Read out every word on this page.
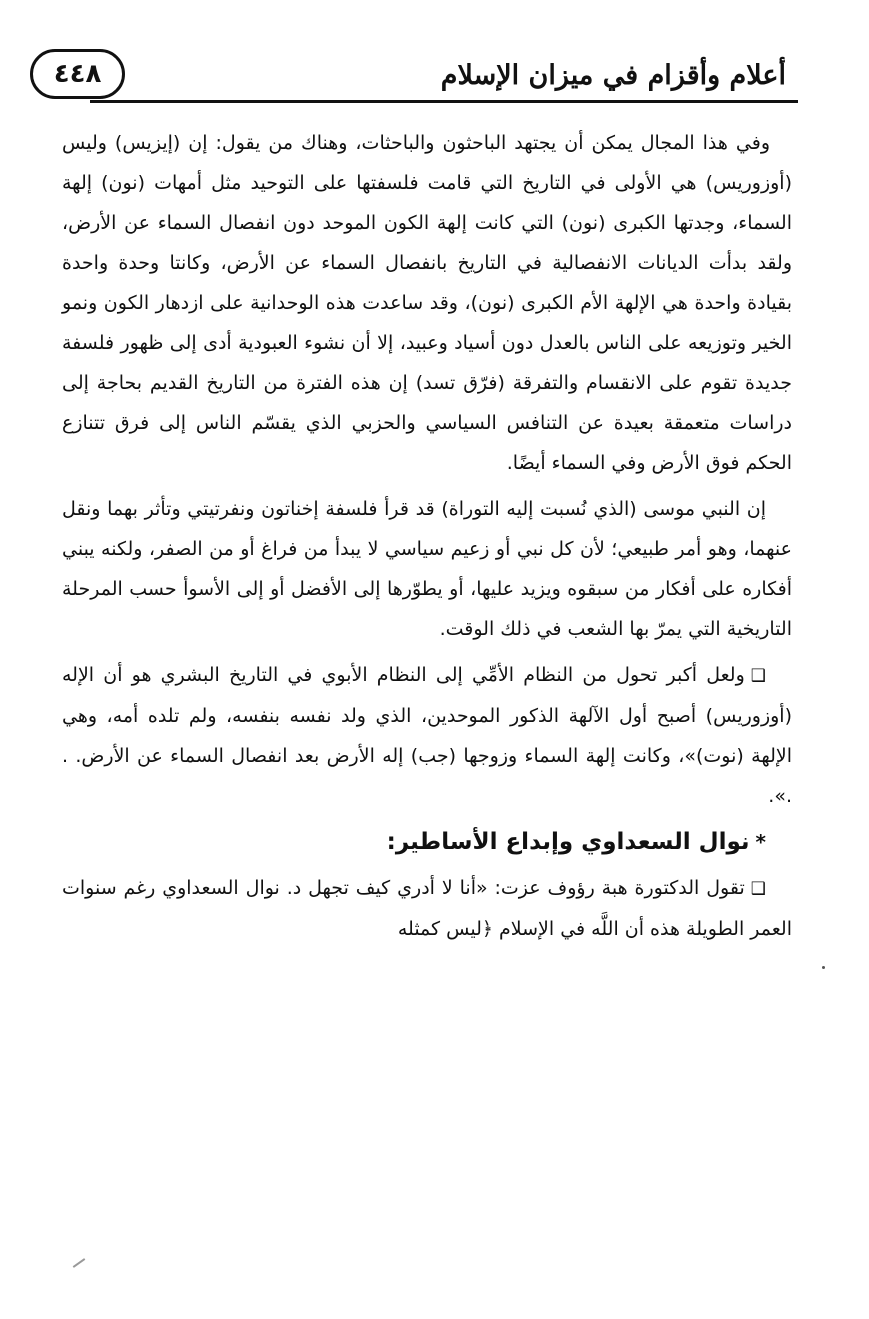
أعلام وأقزام في ميزان الإسلام
٤٤٨

وفي هذا المجال يمكن أن يجتهد الباحثون والباحثات، وهناك من يقول: إن (إيزيس) وليس (أوزوريس) هي الأولى في التاريخ التي قامت فلسفتها على التوحيد مثل أمهات (نون) إلهة السماء، وجدتها الكبرى (نون) التي كانت إلهة الكون الموحد دون انفصال السماء عن الأرض، ولقد بدأت الديانات الانفصالية في التاريخ بانفصال السماء عن الأرض، وكانتا وحدة واحدة بقيادة واحدة هي الإلهة الأم الكبرى (نون)، وقد ساعدت هذه الوحدانية على ازدهار الكون ونمو الخير وتوزيعه على الناس بالعدل دون أسياد وعبيد، إلا أن نشوء العبودية أدى إلى ظهور فلسفة جديدة تقوم على الانقسام والتفرقة (فرّق تسد) إن هذه الفترة من التاريخ القديم بحاجة إلى دراسات متعمقة بعيدة عن التنافس السياسي والحزبي الذي يقسّم الناس إلى فرق تتنازع الحكم فوق الأرض وفي السماء أيضًا.

إن النبي موسى (الذي نُسبت إليه التوراة) قد قرأ فلسفة إخناتون ونفرتيتي وتأثر بهما ونقل عنهما، وهو أمر طبيعي؛ لأن كل نبي أو زعيم سياسي لا يبدأ من فراغ أو من الصفر، ولكنه يبني أفكاره على أفكار من سبقوه ويزيد عليها، أو يطوّرها إلى الأفضل أو إلى الأسوأ حسب المرحلة التاريخية التي يمرّ بها الشعب في ذلك الوقت.

❑ولعل أكبر تحول من النظام الأمِّي إلى النظام الأبوي في التاريخ البشري هو أن الإله (أوزوريس) أصبح أول الآلهة الذكور الموحدين، الذي ولد نفسه بنفسه، ولم تلده أمه، وهي الإلهة (نوت)»، وكانت إلهة السماء وزوجها (جب) إله الأرض بعد انفصال السماء عن الأرض. . .».

*نوال السعداوي وإبداع الأساطير:

❑تقول الدكتورة هبة رؤوف عزت: «أنا لا أدري كيف تجهل د. نوال السعداوي رغم سنوات العمر الطويلة هذه أن اللَّه في الإسلام ﴿ليس كمثله
